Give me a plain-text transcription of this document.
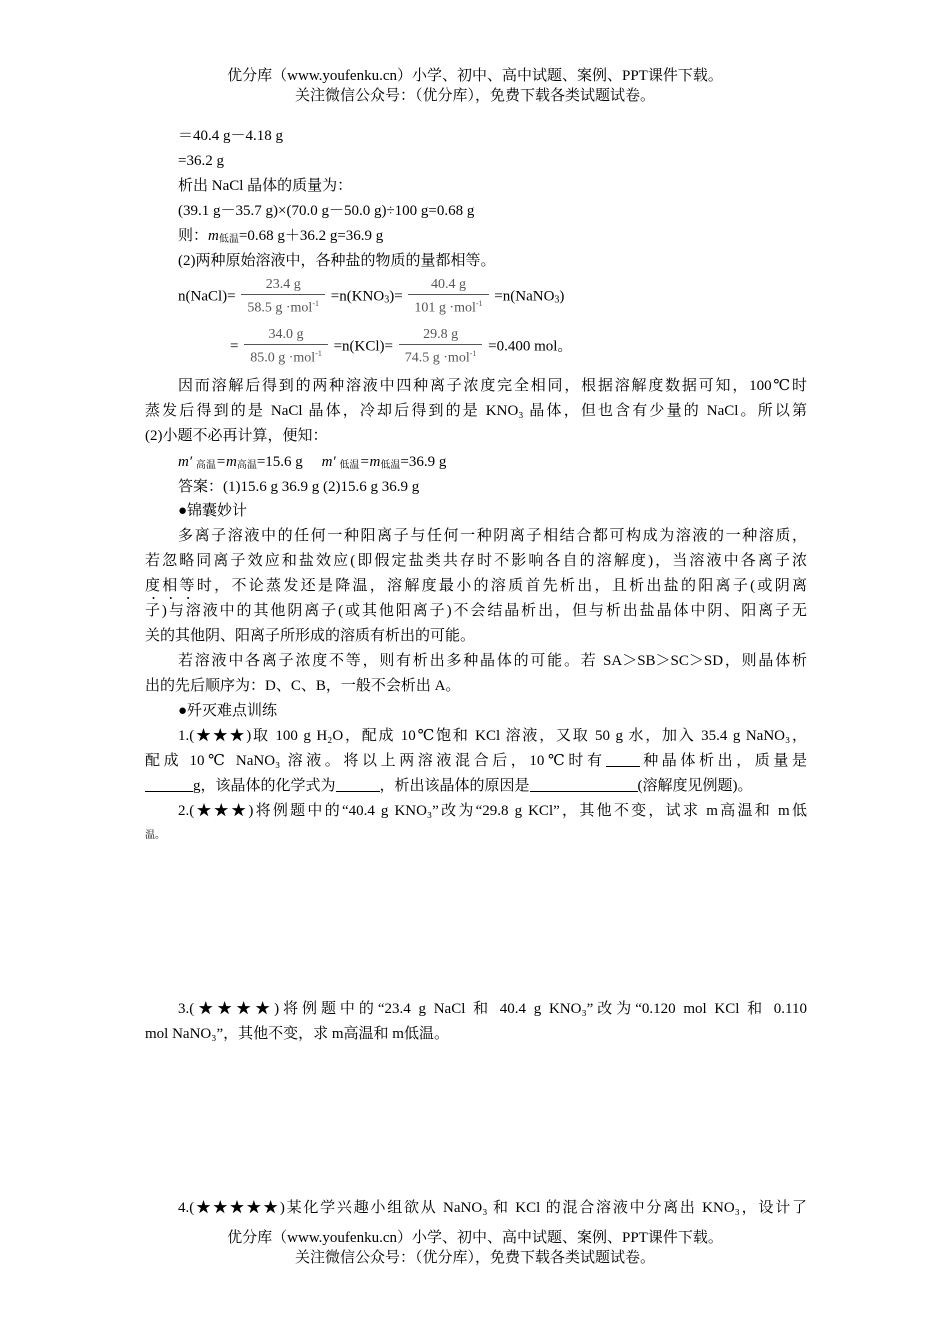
优分库（www.youfenku.cn）小学、初中、高中试题、案例、PPT课件下载。
关注微信公众号：（优分库），免费下载各类试题试卷。
＝40.4 g－4.18 g
=36.2 g
析出 NaCl 晶体的质量为：
(39.1 g－35.7 g)×(70.0 g－50.0 g)÷100 g=0.68 g
则：m低温=0.68 g＋36.2 g=36.9 g
(2)两种原始溶液中，各种盐的物质的量都相等。
n(NaCl)= $\frac{23.4 g}{58.5 g \cdot mol^{-1}} =n(KNO_3)= \frac{40.4 g}{101 g \cdot mol^{-1}}$ =n(NaNO$_3$)
= $\frac{34.0 g}{85.0 g \cdot mol^{-1}} =n(KCl)= \frac{29.8 g}{74.5 g \cdot mol^{-1}} =0.400$ mol。
因而溶解后得到的两种溶液中四种离子浓度完全相同，根据溶解度数据可知，100℃时
蒸发后得到的是 NaCl 晶体，冷却后得到的是 KNO₃ 晶体，但也含有少量的 NaCl。所以第
(2)小题不必再计算，便知：
m′ 高温=m高温=15.6 g m′ 低温=m低温=36.9 g
答案：(1)15.6 g 36.9 g (2)15.6 g 36.9 g
●锦囊妙计
多离子溶液中的任何一种阳离子与任何一种阴离子相结合都可构成为溶液的一种溶质，
若忽略同离子效应和盐效应(即假定盐类共存时不影响各自的溶解度)，当溶液中各离子浓
度相等时，不论蒸发还是降温，溶解度最小的溶质首先析出，且析出盐的阳离子(或阴离
子)与溶液中的其他阴离子(或其他阳离子)不会结晶析出，但与析出盐晶体中阴、阳离子无
关的其他阴、阳离子所形成的溶质有析出的可能。
若溶液中各离子浓度不等，则有析出多种晶体的可能。若 SA＞SB＞SC＞SD，则晶体析
出的先后顺序为：D、C、B，一般不会析出 A。
●歼灭难点训练
1.(★★★)取 100 g H₂O，配成 10℃饱和 KCl 溶液，又取 50 g 水，加入 35.4 g NaNO₃，
配成 10℃ NaNO₃ 溶液。将以上两溶液混合后，10℃时有 种晶体析出，质量是
g，该晶体的化学式为	，析出该晶体的原因是	(溶解度见例题)。
2.(★★★)将例题中的“40.4 g KNO₃”改为“29.8 g KCl”，其他不变，试求 m高温和 m低
温。
3.(★★★★)将例题中的“23.4 g NaCl 和 40.4 g KNO₃”改为“0.120 mol KCl 和 0.110
mol NaNO₃”，其他不变，求 m高温和 m低温。
4.(★★★★★)某化学兴趣小组欲从 NaNO₃ 和 KCl 的混合溶液中分离出 KNO₃，设计了
优分库（www.youfenku.cn）小学、初中、高中试题、案例、PPT课件下载。
关注微信公众号：（优分库），免费下载各类试题试卷。
